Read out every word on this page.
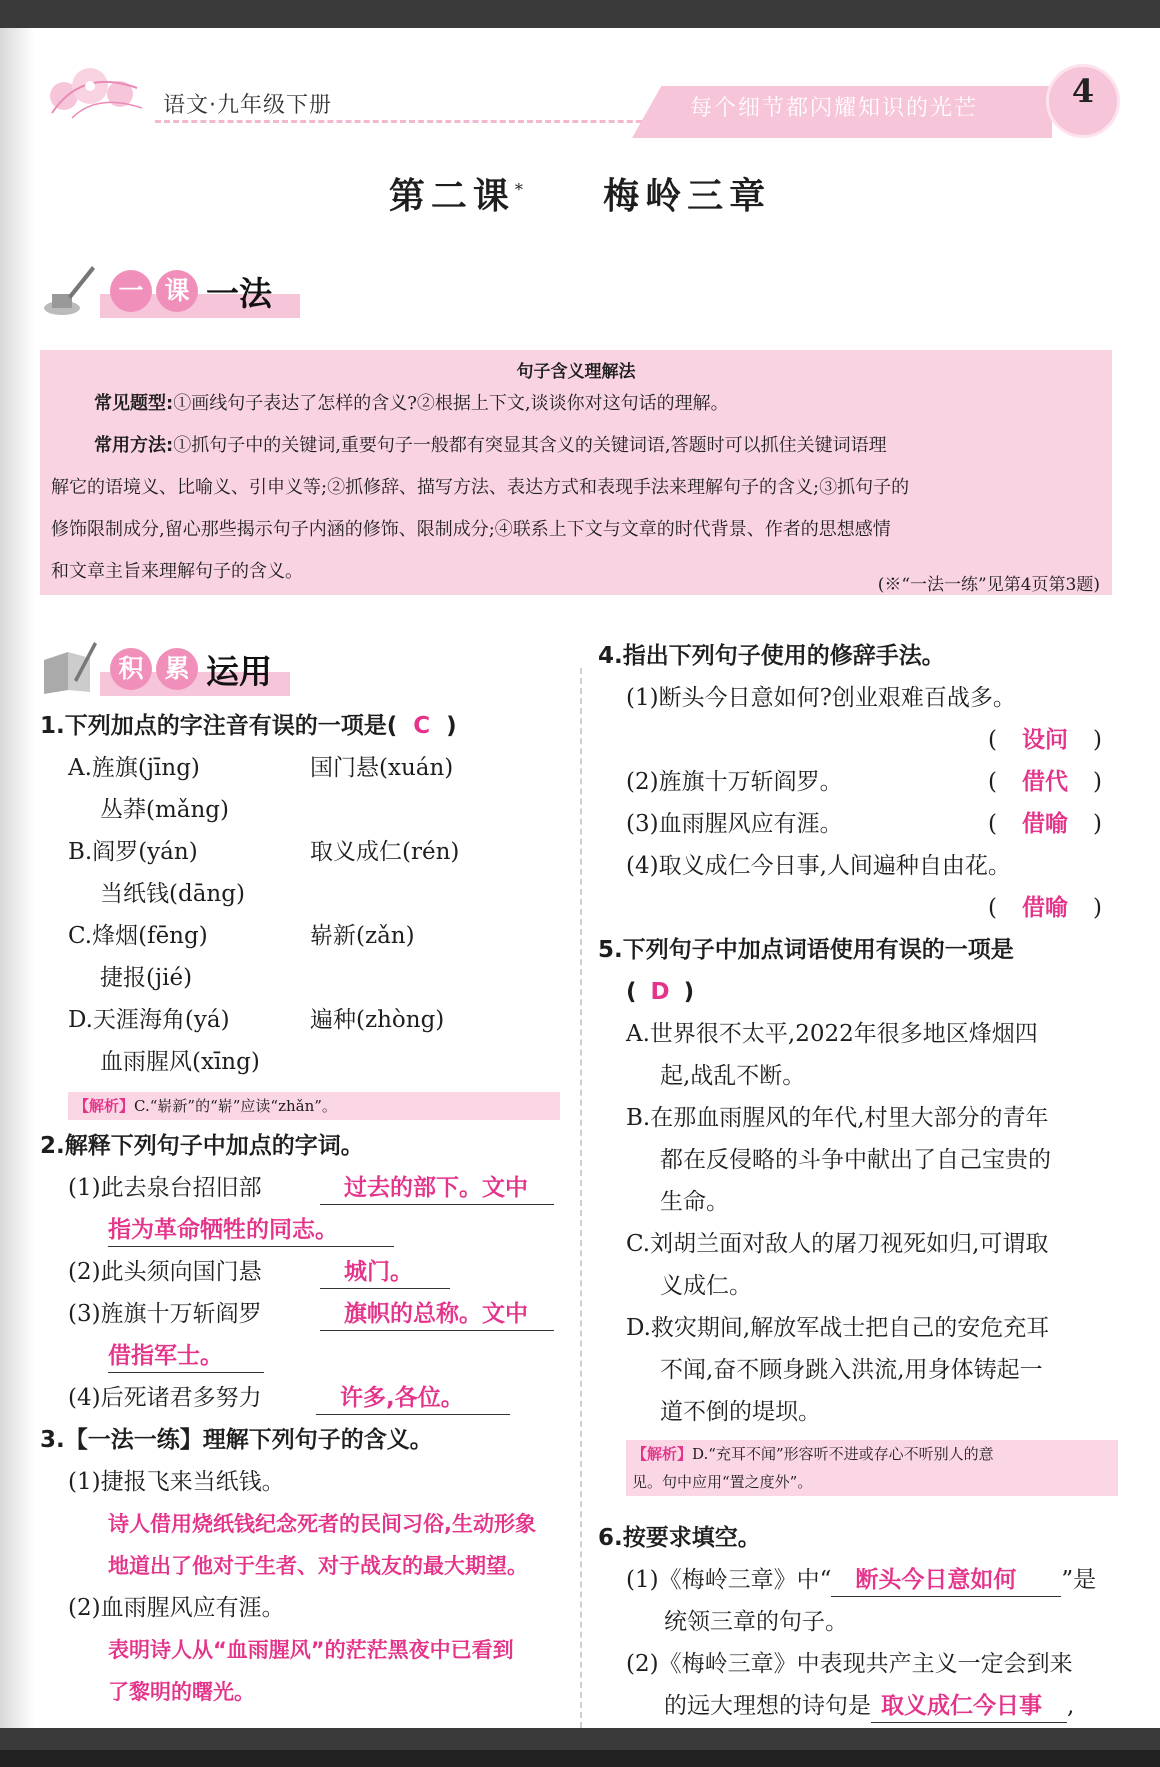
语文·九年级下册	每个细节都闪耀知识的光芒	4
第二课* 梅岭三章
一 课 一法
句子含义理解法
常见题型:①画线句子表达了怎样的含义?②根据上下文,谈谈你对这句话的理解。
常用方法:①抓句子中的关键词,重要句子一般都有突显其含义的关键词语,答题时可以抓住关键词语理
解它的语境义、比喻义、引申义等;②抓修辞、描写方法、表达方式和表现手法来理解句子的含义;③抓句子的
修饰限制成分,留心那些揭示句子内涵的修饰、限制成分;④联系上下文与文章的时代背景、作者的思想感情
和文章主旨来理解句子的含义。
(※“一法一练”见第4页第3题)
积 累 运用
1.下列加点的字注音有误的一项是( C )
A.旌旗(jīng)	国门悬(xuán)
丛莽(mǎng)
B.阎罗(yán)	取义成仁(rén)
当纸钱(dāng)
C.烽烟(fēng)	崭新(zǎn)
捷报(jié)
D.天涯海角(yá)	遍种(zhòng)
血雨腥风(xīng)
【解析】C.“崭新”的“崭”应读“zhǎn”。
2.解释下列句子中加点的字词。
(1)此去泉台招旧部	过去的部下。文中
指为革命牺牲的同志。
(2)此头须向国门悬	城门。
(3)旌旗十万斩阎罗	旗帜的总称。文中
借指军士。
(4)后死诸君多努力	许多,各位。
3.【一法一练】理解下列句子的含义。
(1)捷报飞来当纸钱。
诗人借用烧纸钱纪念死者的民间习俗,生动形象
地道出了他对于生者、对于战友的最大期望。
(2)血雨腥风应有涯。
表明诗人从“血雨腥风”的茫茫黑夜中已看到
了黎明的曙光。
4.指出下列句子使用的修辞手法。
(1)断头今日意如何?创业艰难百战多。
( 设问 )
(2)旌旗十万斩阎罗。	( 借代 )
(3)血雨腥风应有涯。	( 借喻 )
(4)取义成仁今日事,人间遍种自由花。
( 借喻 )
5.下列句子中加点词语使用有误的一项是
( D )
A.世界很不太平,2022年很多地区烽烟四
起,战乱不断。
B.在那血雨腥风的年代,村里大部分的青年
都在反侵略的斗争中献出了自己宝贵的
生命。
C.刘胡兰面对敌人的屠刀视死如归,可谓取
义成仁。
D.救灾期间,解放军战士把自己的安危充耳
不闻,奋不顾身跳入洪流,用身体铸起一
道不倒的堤坝。
【解析】D.“充耳不闻”形容听不进或存心不听别人的意
见。句中应用“置之度外”。
6.按要求填空。
(1)《梅岭三章》中“ 断头今日意如何 ”是
统领三章的句子。
(2)《梅岭三章》中表现共产主义一定会到来
的远大理想的诗句是 取义成仁今日事 ,
